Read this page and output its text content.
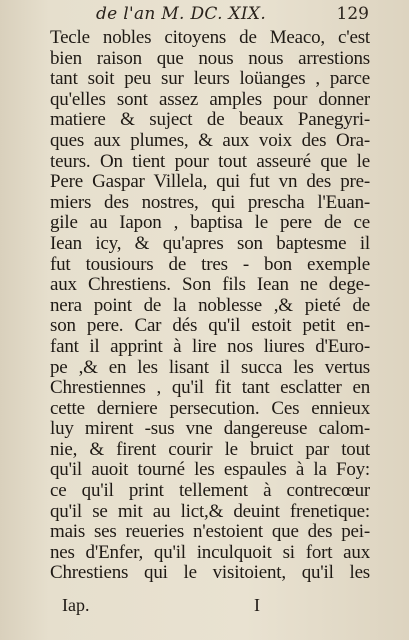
de l'an M. DC. XIX.	129
Tecle nobles citoyens de Meaco, c'est
bien raison que nous nous arrestions
tant soit peu sur leurs loüanges , parce
qu'elles sont assez amples pour donner
matiere & suject de beaux Panegyri-
ques aux plumes, & aux voix des Ora-
teurs. On tient pour tout asseuré que le
Pere Gaspar Villela, qui fut vn des pre-
miers des nostres, qui prescha l'Euan-
gile au Iapon , baptisa le pere de ce
Iean icy, & qu'apres son baptesme il
fut tousiours de tres - bon exemple
aux Chrestiens. Son fils Iean ne dege-
nera point de la noblesse ,& pieté de
son pere. Car dés qu'il estoit petit en-
fant il apprint à lire nos liures d'Euro-
pe ,& en les lisant il succa les vertus
Chrestiennes , qu'il fit tant esclatter en
cette derniere persecution. Ces ennieux
luy mirent -sus vne dangereuse calom-
nie, & firent courir le bruict par tout
qu'il auoit tourné les espaules à la Foy:
ce qu'il print tellement à contrecœur
qu'il se mit au lict,& deuint frenetique:
mais ses reueries n'estoient que des pei-
nes d'Enfer, qu'il inculquoit si fort aux
Chrestiens qui le visitoient, qu'il les
Iap.	I
